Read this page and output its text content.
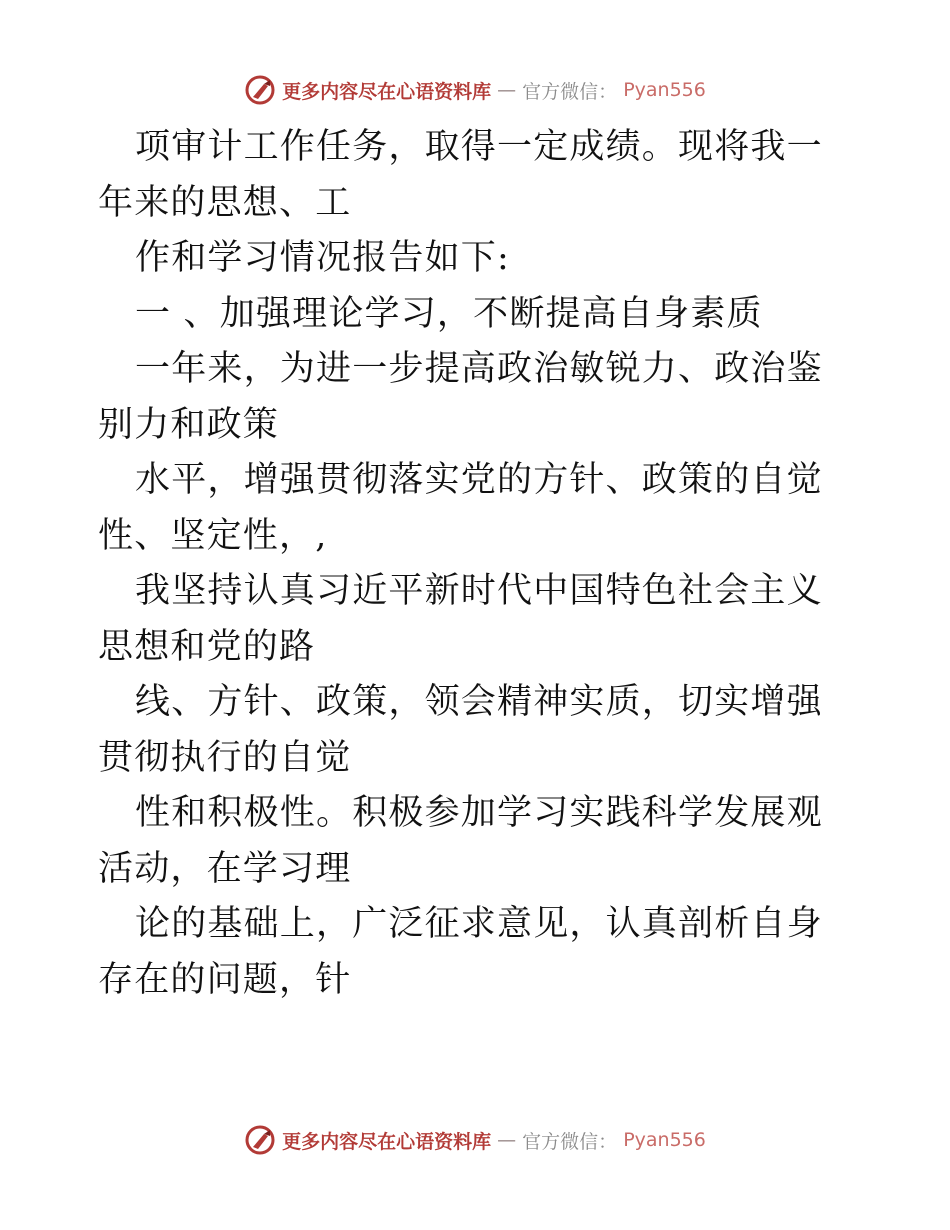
更多内容尽在心语资料库 — 官方微信： Pyan556

项审计工作任务，取得一定成绩。现将我一年来的思想、工

作和学习情况报告如下:

一 、加强理论学习，不断提高自身素质

一年来，为进一步提高政治敏锐力、政治鉴别力和政策

水平，增强贯彻落实党的方针、政策的自觉性、坚定性，,

我坚持认真习近平新时代中国特色社会主义思想和党的路

线、方针、政策，领会精神实质，切实增强贯彻执行的自觉

性和积极性。积极参加学习实践科学发展观活动，在学习理

论的基础上，广泛征求意见，认真剖析自身存在的问题，针

更多内容尽在心语资料库 — 官方微信： Pyan556
